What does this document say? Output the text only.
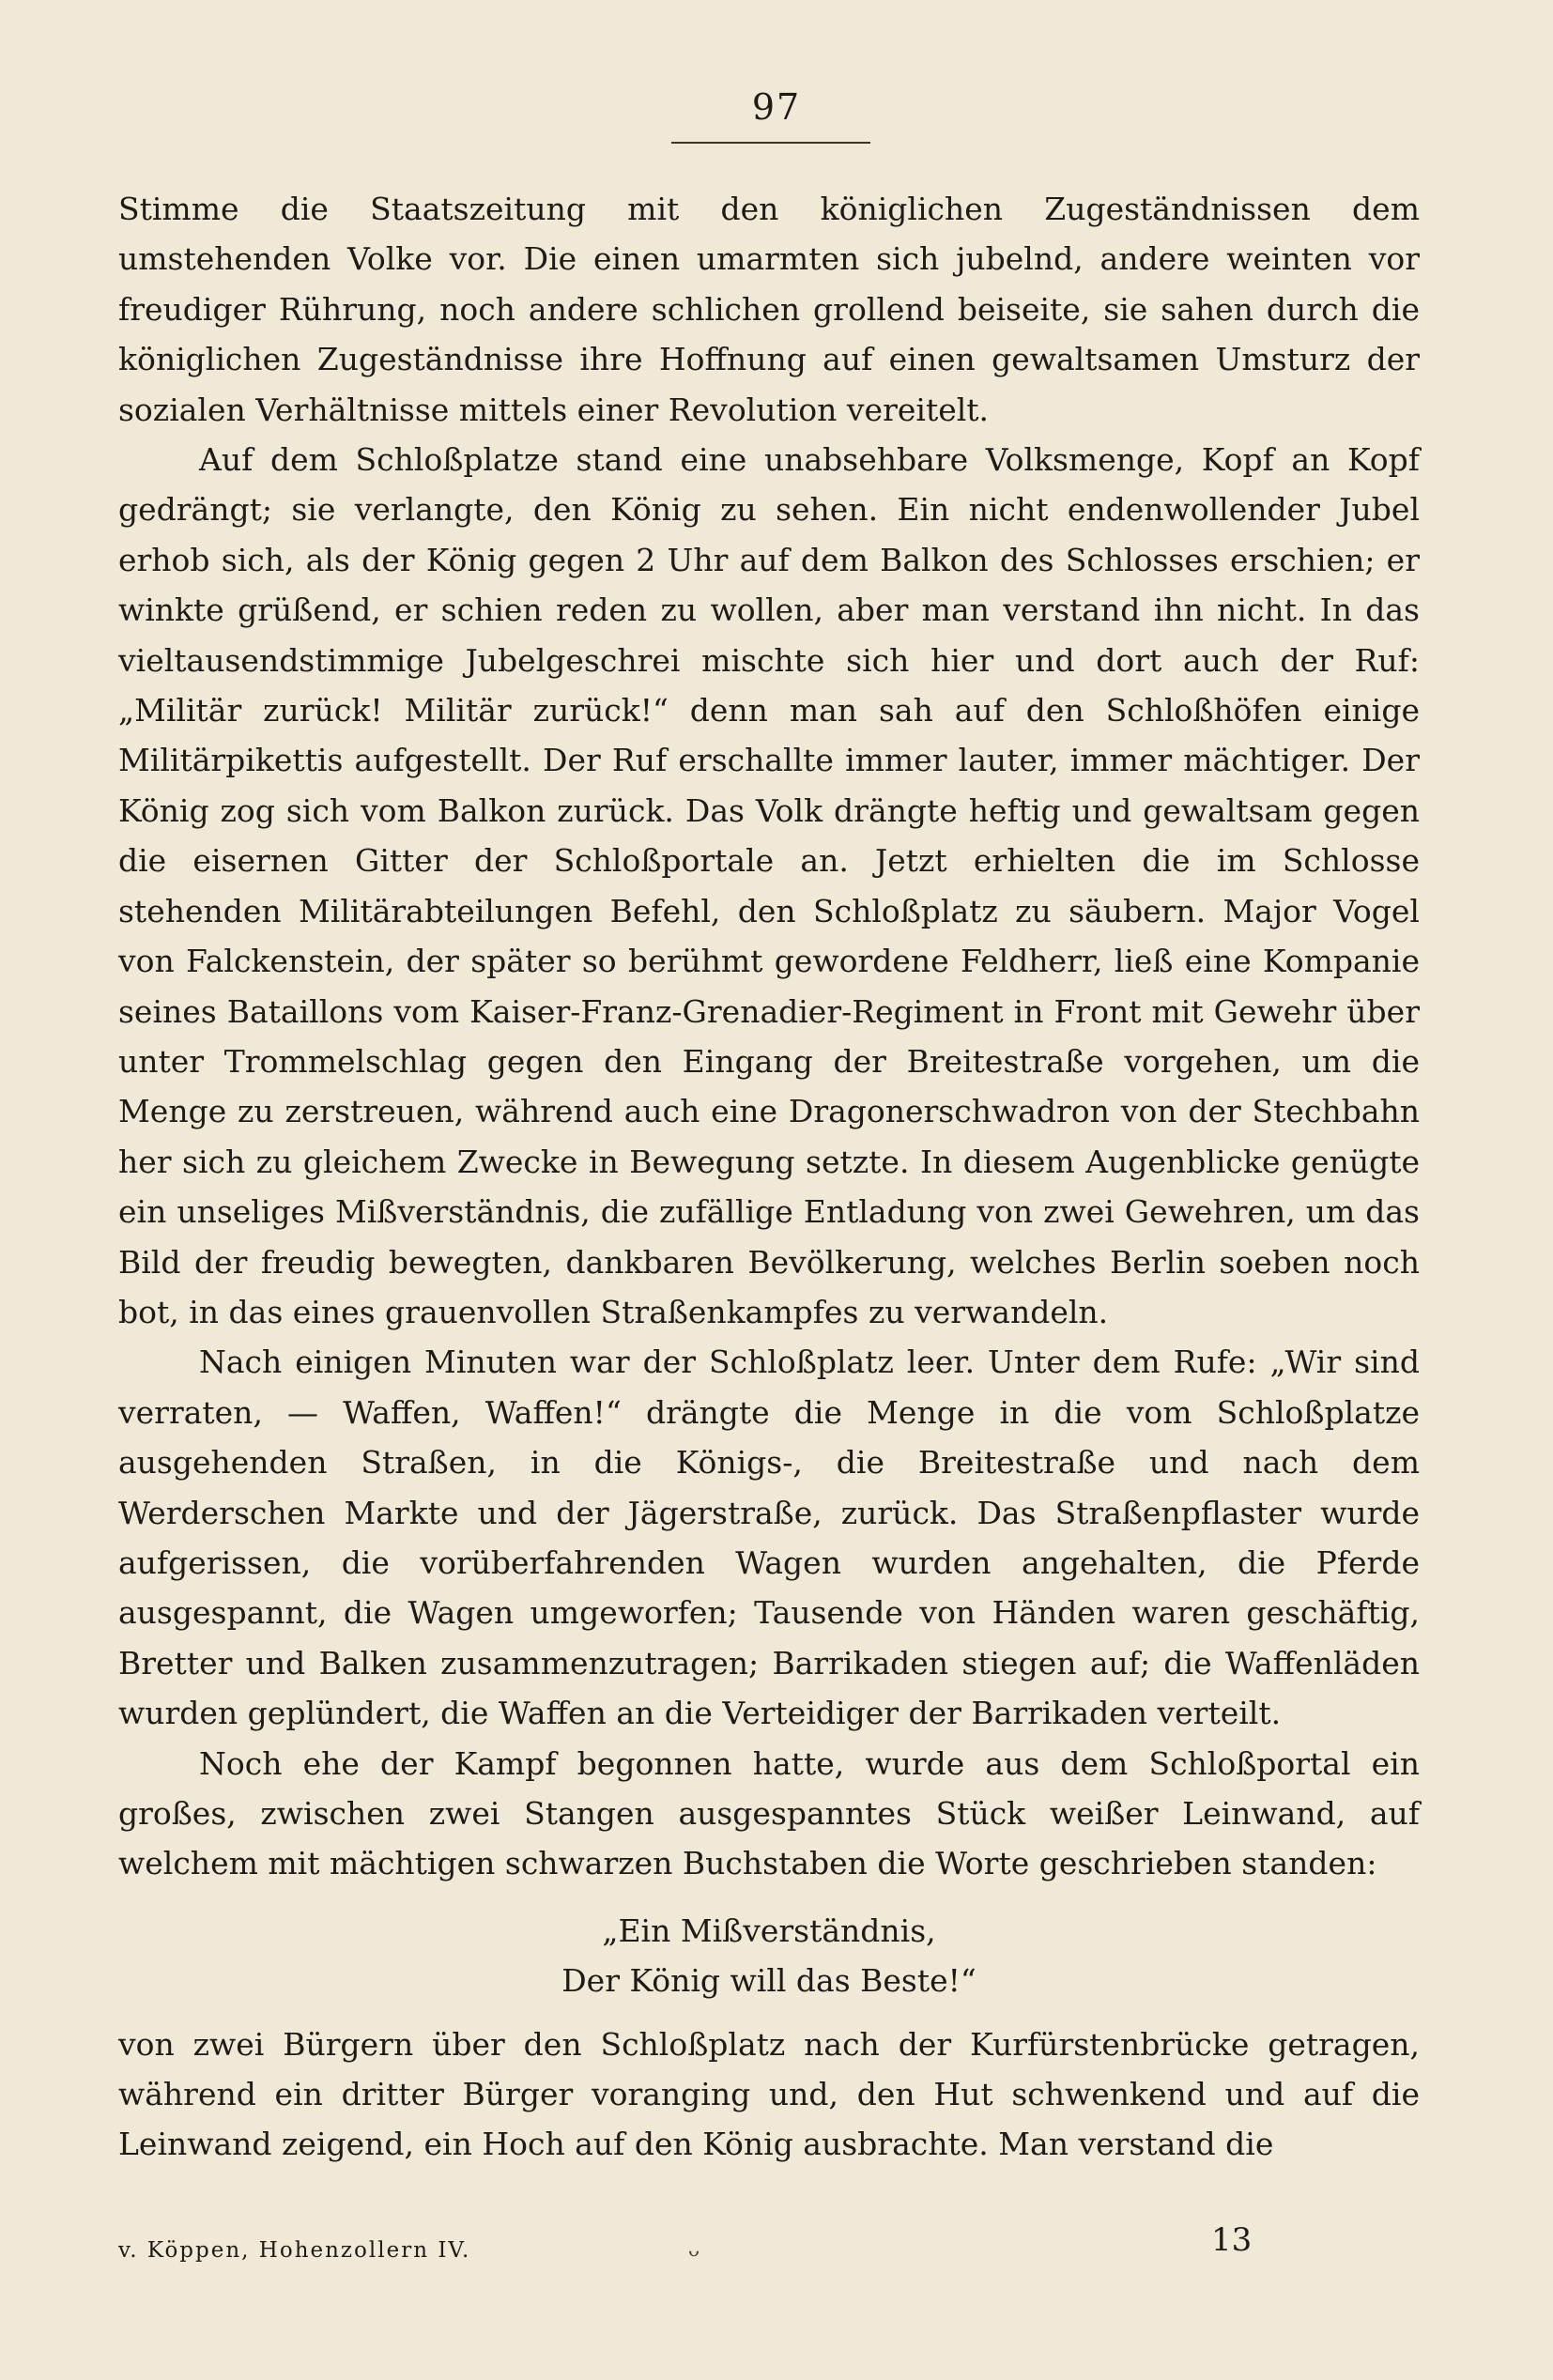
97

Stimme die Staatszeitung mit den königlichen Zugeständnissen dem umstehenden Volke vor. Die einen umarmten sich jubelnd, andere weinten vor freudiger Rührung, noch andere schlichen grollend beiseite, sie sahen durch die königlichen Zugeständnisse ihre Hoffnung auf einen gewaltsamen Umsturz der sozialen Verhältnisse mittels einer Revolution vereitelt.

Auf dem Schloßplatze stand eine unabsehbare Volksmenge, Kopf an Kopf gedrängt; sie verlangte, den König zu sehen. Ein nicht endenwollender Jubel erhob sich, als der König gegen 2 Uhr auf dem Balkon des Schlosses erschien; er winkte grüßend, er schien reden zu wollen, aber man verstand ihn nicht. In das vieltausendstimmige Jubelgeschrei mischte sich hier und dort auch der Ruf: „Militär zurück! Militär zurück!“ denn man sah auf den Schloßhöfen einige Militärpikettis aufgestellt. Der Ruf erschallte immer lauter, immer mächtiger. Der König zog sich vom Balkon zurück. Das Volk drängte heftig und gewaltsam gegen die eisernen Gitter der Schloßportale an. Jetzt erhielten die im Schlosse stehenden Militärabteilungen Befehl, den Schloßplatz zu säubern. Major Vogel von Falckenstein, der später so berühmt gewordene Feldherr, ließ eine Kompanie seines Bataillons vom Kaiser-Franz-Grenadier-Regiment in Front mit Gewehr über unter Trommelschlag gegen den Eingang der Breitestraße vorgehen, um die Menge zu zerstreuen, während auch eine Dragonerschwadron von der Stechbahn her sich zu gleichem Zwecke in Bewegung setzte. In diesem Augenblicke genügte ein unseliges Mißverständnis, die zufällige Entladung von zwei Gewehren, um das Bild der freudig bewegten, dankbaren Bevölkerung, welches Berlin soeben noch bot, in das eines grauenvollen Straßenkampfes zu verwandeln.

Nach einigen Minuten war der Schloßplatz leer. Unter dem Rufe: „Wir sind verraten, — Waffen, Waffen!“ drängte die Menge in die vom Schloßplatze ausgehenden Straßen, in die Königs-, die Breitestraße und nach dem Werderschen Markte und der Jägerstraße, zurück. Das Straßenpflaster wurde aufgerissen, die vorüberfahrenden Wagen wurden angehalten, die Pferde ausgespannt, die Wagen umgeworfen; Tausende von Händen waren geschäftig, Bretter und Balken zusammenzutragen; Barrikaden stiegen auf; die Waffenläden wurden geplündert, die Waffen an die Verteidiger der Barrikaden verteilt.

Noch ehe der Kampf begonnen hatte, wurde aus dem Schloßportal ein großes, zwischen zwei Stangen ausgespanntes Stück weißer Leinwand, auf welchem mit mächtigen schwarzen Buchstaben die Worte geschrieben standen:

„Ein Mißverständnis,
Der König will das Beste!“

von zwei Bürgern über den Schloßplatz nach der Kurfürstenbrücke getragen, während ein dritter Bürger voranging und, den Hut schwenkend und auf die Leinwand zeigend, ein Hoch auf den König ausbrachte. Man verstand die

v. Köppen, Hohenzollern IV.	ᴗ	13
